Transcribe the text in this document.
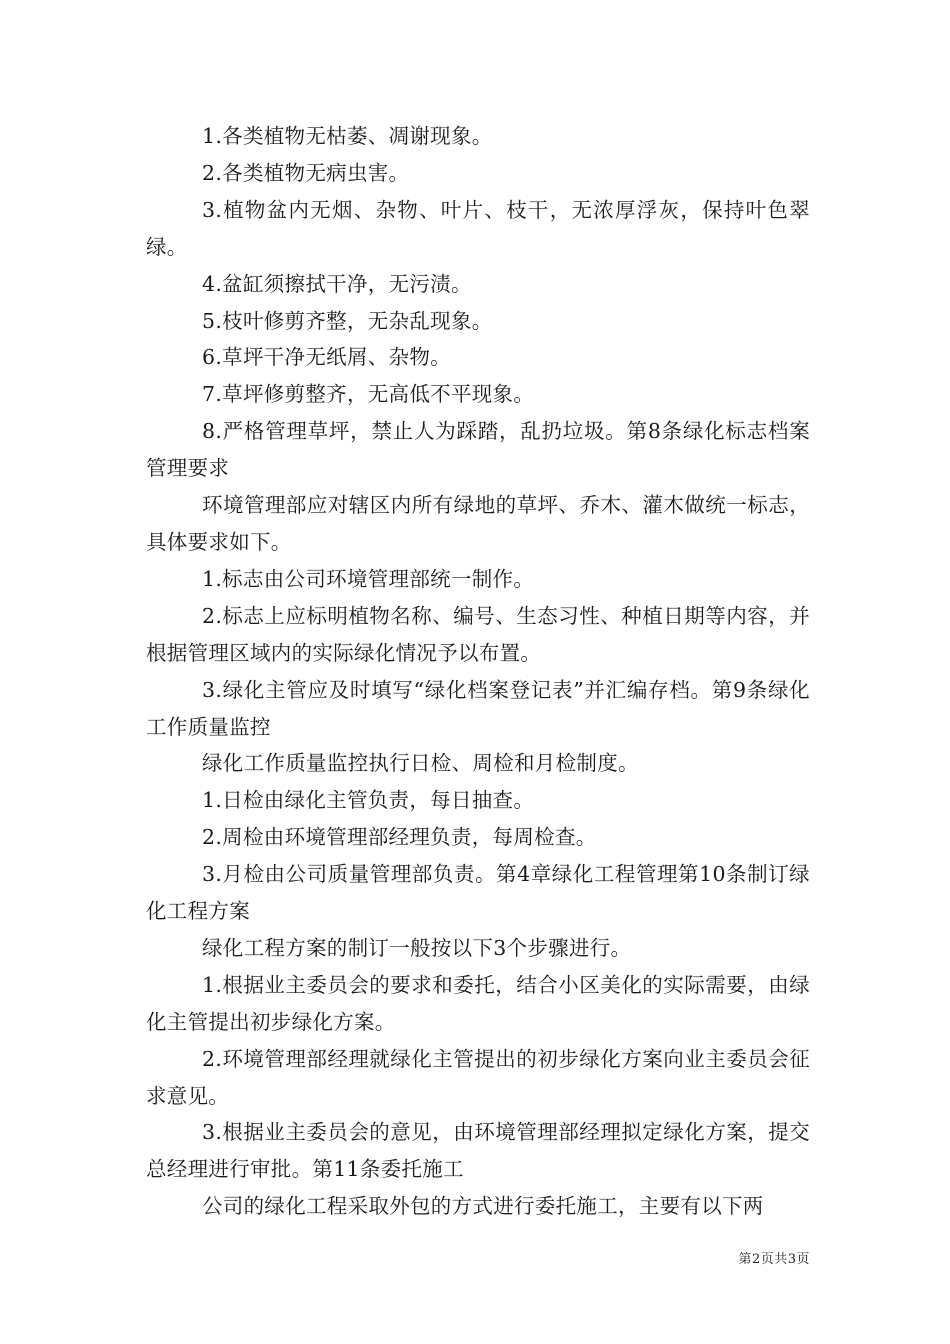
1.各类植物无枯萎、凋谢现象。

2.各类植物无病虫害。

3.植物盆内无烟、杂物、叶片、枝干，无浓厚浮灰，保持叶色翠绿。

4.盆缸须擦拭干净，无污渍。

5.枝叶修剪齐整，无杂乱现象。

6.草坪干净无纸屑、杂物。

7.草坪修剪整齐，无高低不平现象。

8.严格管理草坪，禁止人为踩踏，乱扔垃圾。第8条绿化标志档案管理要求

环境管理部应对辖区内所有绿地的草坪、乔木、灌木做统一标志，具体要求如下。

1.标志由公司环境管理部统一制作。

2.标志上应标明植物名称、编号、生态习性、种植日期等内容，并根据管理区域内的实际绿化情况予以布置。

3.绿化主管应及时填写“绿化档案登记表”并汇编存档。第9条绿化工作质量监控

绿化工作质量监控执行日检、周检和月检制度。

1.日检由绿化主管负责，每日抽查。

2.周检由环境管理部经理负责，每周检查。

3.月检由公司质量管理部负责。第4章绿化工程管理第10条制订绿化工程方案

绿化工程方案的制订一般按以下3个步骤进行。

1.根据业主委员会的要求和委托，结合小区美化的实际需要，由绿化主管提出初步绿化方案。

2.环境管理部经理就绿化主管提出的初步绿化方案向业主委员会征求意见。

3.根据业主委员会的意见，由环境管理部经理拟定绿化方案，提交总经理进行审批。第11条委托施工

公司的绿化工程采取外包的方式进行委托施工，主要有以下两

第2页共3页
